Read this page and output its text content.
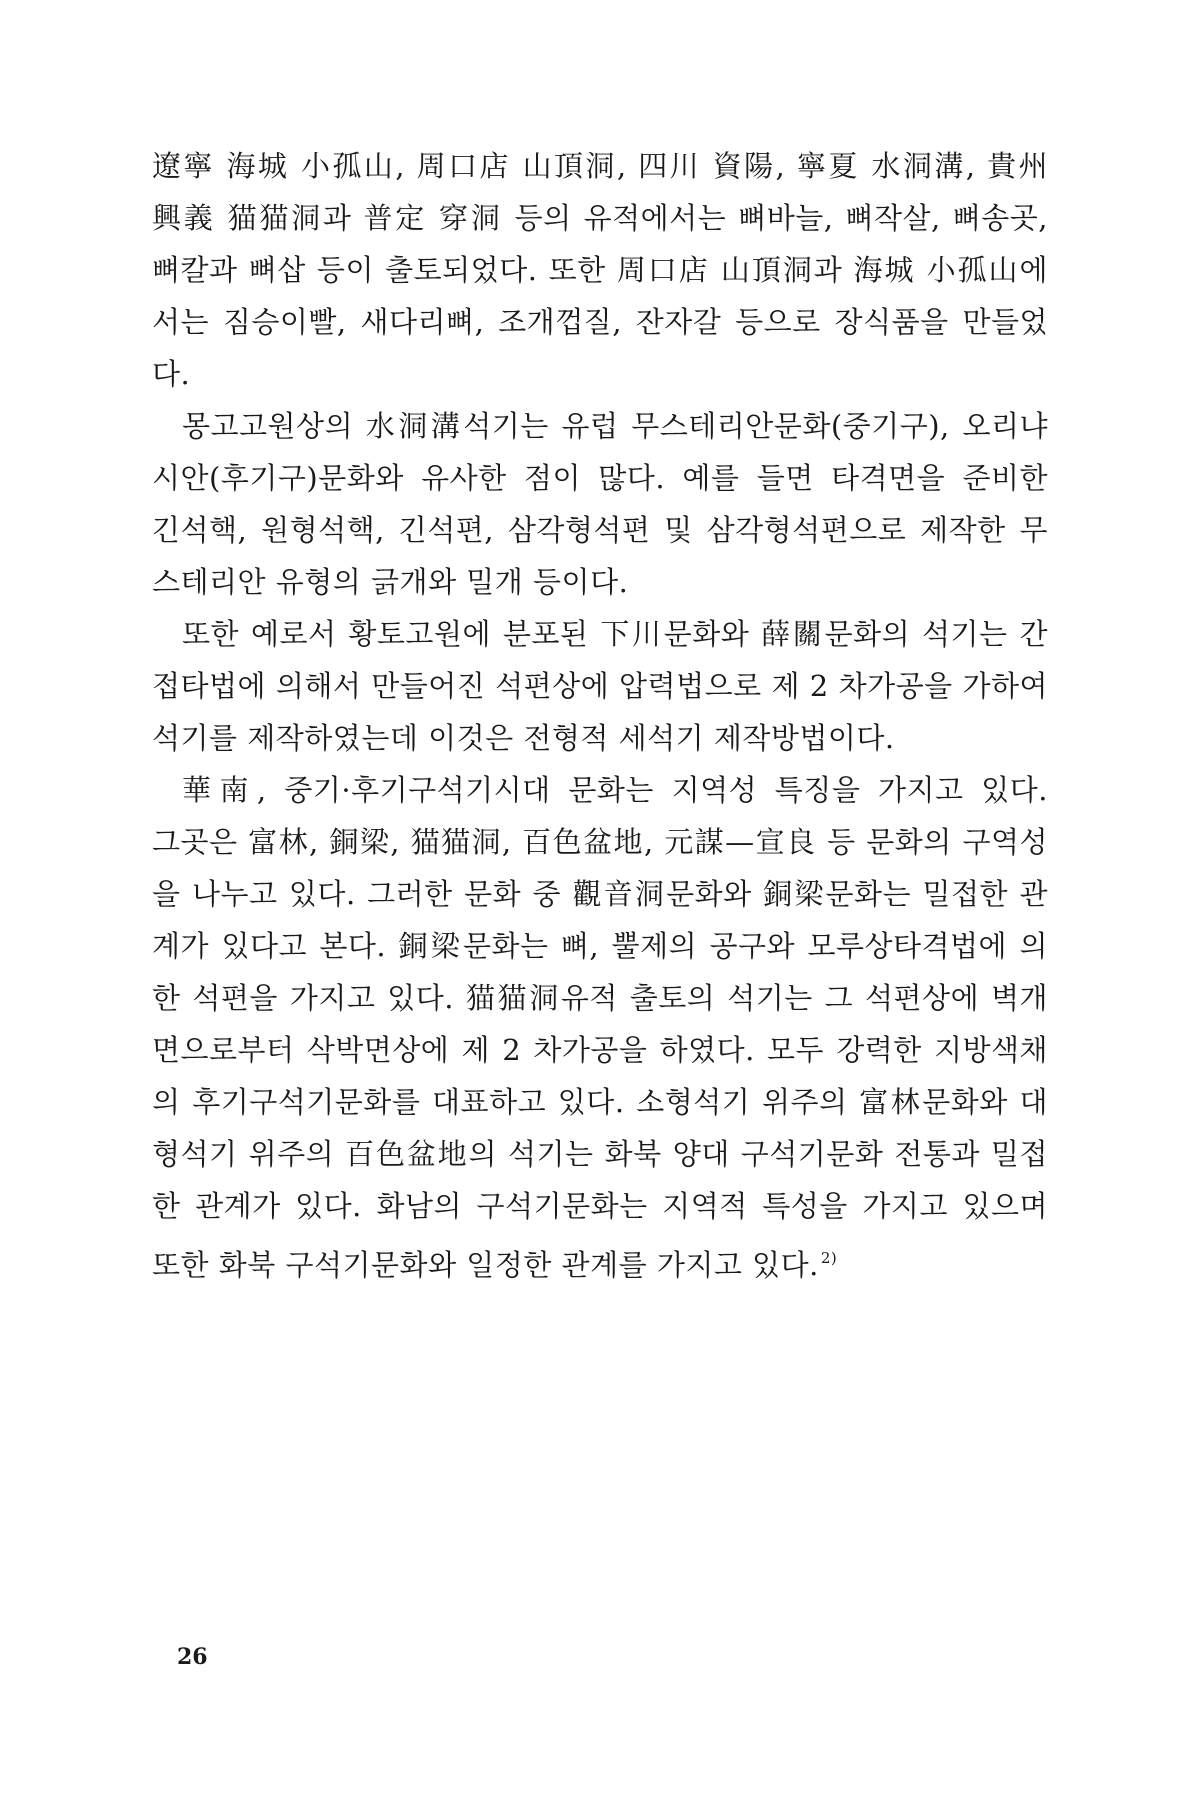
遼寧 海城 小孤山, 周口店 山頂洞, 四川 資陽, 寧夏 水洞溝, 貴州
興義 猫猫洞과 普定 穿洞 등의 유적에서는 뼈바늘, 뼈작살, 뼈송곳,
뼈칼과 뼈삽 등이 출토되었다. 또한 周口店 山頂洞과 海城 小孤山에
서는 짐승이빨, 새다리뼈, 조개껍질, 잔자갈 등으로 장식품을 만들었
다.
몽고고원상의 水洞溝석기는 유럽 무스테리안문화(중기구), 오리냐
시안(후기구)문화와 유사한 점이 많다. 예를 들면 타격면을 준비한
긴석핵, 원형석핵, 긴석편, 삼각형석편 및 삼각형석편으로 제작한 무
스테리안 유형의 긁개와 밀개 등이다.
또한 예로서 황토고원에 분포된 下川문화와 薛關문화의 석기는 간
접타법에 의해서 만들어진 석편상에 압력법으로 제 2 차가공을 가하여
석기를 제작하였는데 이것은 전형적 세석기 제작방법이다.
華南, 중기·후기구석기시대 문화는 지역성 특징을 가지고 있다.
그곳은 富林, 銅梁, 猫猫洞, 百色盆地, 元謀—宣良 등 문화의 구역성
을 나누고 있다. 그러한 문화 중 觀音洞문화와 銅梁문화는 밀접한 관
계가 있다고 본다. 銅梁문화는 뼈, 뿔제의 공구와 모루상타격법에 의
한 석편을 가지고 있다. 猫猫洞유적 출토의 석기는 그 석편상에 벽개
면으로부터 삭박면상에 제 2 차가공을 하였다. 모두 강력한 지방색채
의 후기구석기문화를 대표하고 있다. 소형석기 위주의 富林문화와 대
형석기 위주의 百色盆地의 석기는 화북 양대 구석기문화 전통과 밀접
한 관계가 있다. 화남의 구석기문화는 지역적 특성을 가지고 있으며
또한 화북 구석기문화와 일정한 관계를 가지고 있다. $^{2)}$
26
